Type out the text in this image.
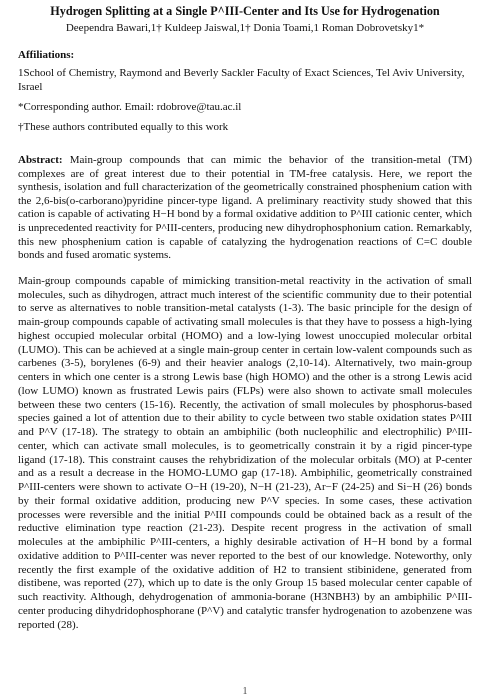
Hydrogen Splitting at a Single P^III-Center and Its Use for Hydrogenation
Deependra Bawari,1† Kuldeep Jaiswal,1† Donia Toami,1 Roman Dobrovetsky1*
Affiliations:
1School of Chemistry, Raymond and Beverly Sackler Faculty of Exact Sciences, Tel Aviv University, Israel
*Corresponding author. Email: rdobrove@tau.ac.il
†These authors contributed equally to this work

Abstract: Main-group compounds that can mimic the behavior of the transition-metal (TM) complexes are of great interest due to their potential in TM-free catalysis. Here, we report the synthesis, isolation and full characterization of the geometrically constrained phosphenium cation with the 2,6-bis(o-carborano)pyridine pincer-type ligand. A preliminary reactivity study showed that this cation is capable of activating H−H bond by a formal oxidative addition to P^III cationic center, which is unprecedented reactivity for P^III-centers, producing new dihydrophosphonium cation. Remarkably, this new phosphenium cation is capable of catalyzing the hydrogenation reactions of C=C double bonds and fused aromatic systems.

Main-group compounds capable of mimicking transition-metal reactivity in the activation of small molecules, such as dihydrogen, attract much interest of the scientific community due to their potential to serve as alternatives to noble transition-metal catalysts (1-3). The basic principle for the design of main-group compounds capable of activating small molecules is that they have to possess a high-lying highest occupied molecular orbital (HOMO) and a low-lying lowest unoccupied molecular orbital (LUMO). This can be achieved at a single main-group center in certain low-valent compounds such as carbenes (3-5), borylenes (6-9) and their heavier analogs (2,10-14). Alternatively, two main-group centers in which one center is a strong Lewis base (high HOMO) and the other is a strong Lewis acid (low LUMO) known as frustrated Lewis pairs (FLPs) were also shown to activate small molecules between these two centers (15-16). Recently, the activation of small molecules by phosphorus-based species gained a lot of attention due to their ability to cycle between two stable oxidation states P^III and P^V (17-18). The strategy to obtain an ambiphilic (both nucleophilic and electrophilic) P^III-center, which can activate small molecules, is to geometrically constrain it by a rigid pincer-type ligand (17-18). This constraint causes the rehybridization of the molecular orbitals (MO) at P-center and as a result a decrease in the HOMO-LUMO gap (17-18). Ambiphilic, geometrically constrained P^III-centers were shown to activate O−H (19-20), N−H (21-23), Ar−F (24-25) and Si−H (26) bonds by their formal oxidative addition, producing new P^V species. In some cases, these activation processes were reversible and the initial P^III compounds could be obtained back as a result of the reductive elimination type reaction (21-23). Despite recent progress in the activation of small molecules at the ambiphilic P^III-centers, a highly desirable activation of H−H bond by a formal oxidative addition to P^III-center was never reported to the best of our knowledge. Noteworthy, only recently the first example of the oxidative addition of H2 to transient stibinidene, generated from distibene, was reported (27), which up to date is the only Group 15 based molecular center capable of such reactivity. Although, dehydrogenation of ammonia-borane (H3NBH3) by an ambiphilic P^III-center producing dihydridophosphorane (P^V) and catalytic transfer hydrogenation to azobenzene was reported (28).

1
